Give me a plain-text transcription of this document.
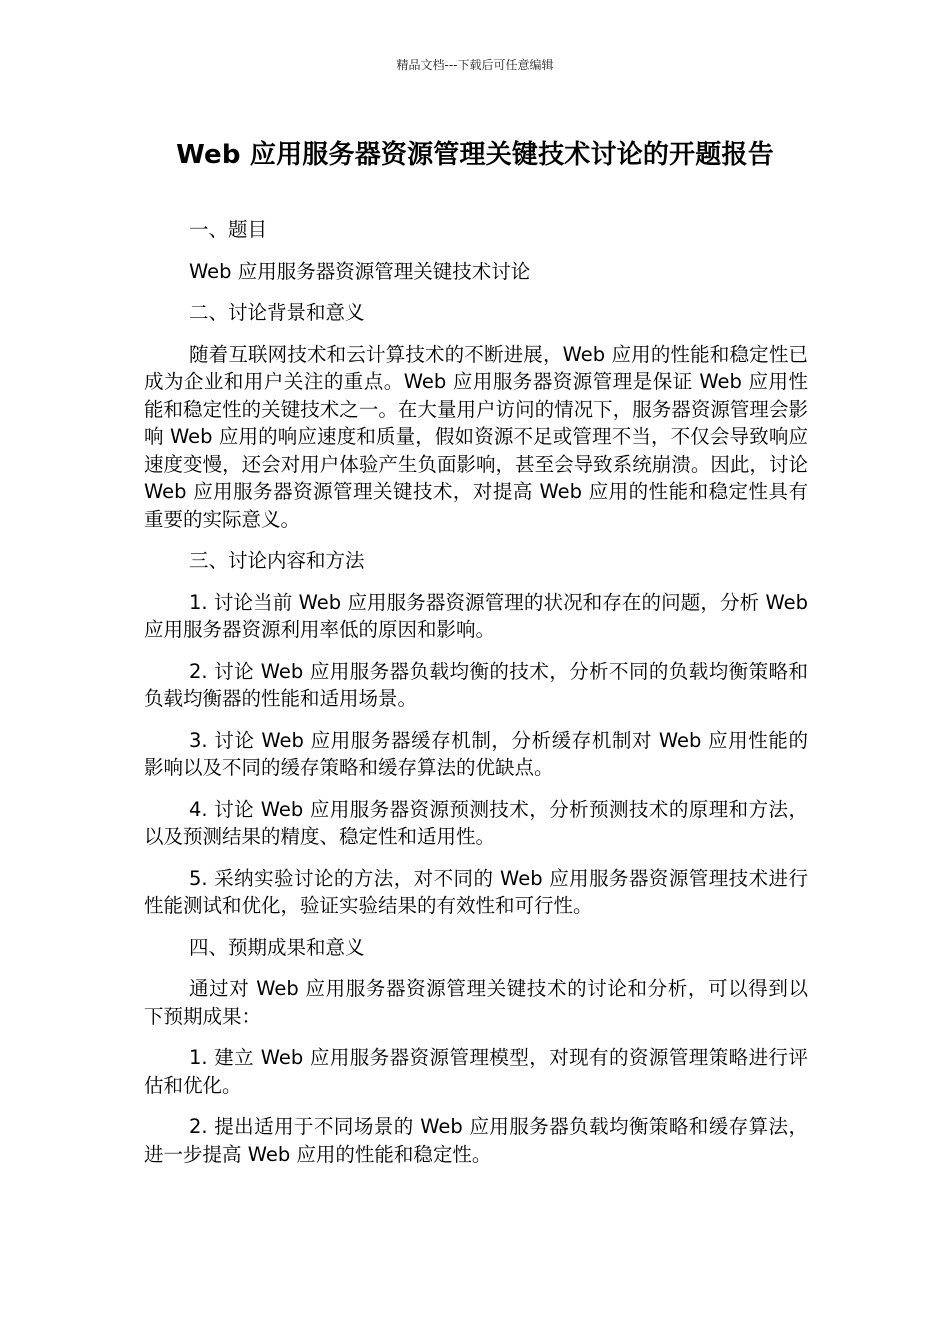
精品文档---下载后可任意编辑
Web 应用服务器资源管理关键技术讨论的开题报告

一、题目

Web 应用服务器资源管理关键技术讨论

二、讨论背景和意义

随着互联网技术和云计算技术的不断进展，Web 应用的性能和稳定性已成为企业和用户关注的重点。Web 应用服务器资源管理是保证 Web 应用性能和稳定性的关键技术之一。在大量用户访问的情况下，服务器资源管理会影响 Web 应用的响应速度和质量，假如资源不足或管理不当，不仅会导致响应速度变慢，还会对用户体验产生负面影响，甚至会导致系统崩溃。因此，讨论 Web 应用服务器资源管理关键技术，对提高 Web 应用的性能和稳定性具有重要的实际意义。

三、讨论内容和方法

1. 讨论当前 Web 应用服务器资源管理的状况和存在的问题，分析 Web 应用服务器资源利用率低的原因和影响。

2. 讨论 Web 应用服务器负载均衡的技术，分析不同的负载均衡策略和负载均衡器的性能和适用场景。

3. 讨论 Web 应用服务器缓存机制，分析缓存机制对 Web 应用性能的影响以及不同的缓存策略和缓存算法的优缺点。

4. 讨论 Web 应用服务器资源预测技术，分析预测技术的原理和方法，以及预测结果的精度、稳定性和适用性。

5. 采纳实验讨论的方法，对不同的 Web 应用服务器资源管理技术进行性能测试和优化，验证实验结果的有效性和可行性。

四、预期成果和意义

通过对 Web 应用服务器资源管理关键技术的讨论和分析，可以得到以下预期成果：

1. 建立 Web 应用服务器资源管理模型，对现有的资源管理策略进行评估和优化。

2. 提出适用于不同场景的 Web 应用服务器负载均衡策略和缓存算法，进一步提高 Web 应用的性能和稳定性。
